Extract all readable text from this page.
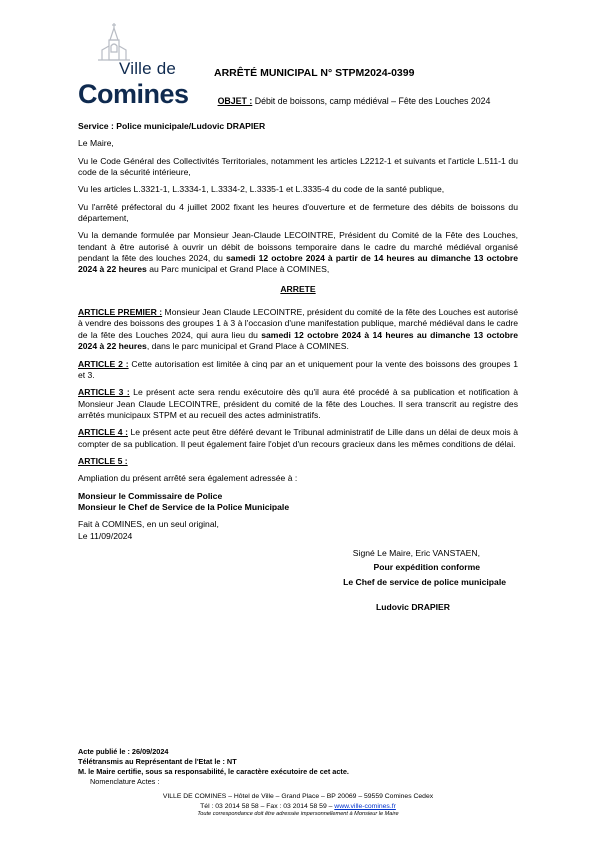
Ville de
Comines
ARRÊTÉ MUNICIPAL N° STPM2024-0399
OBJET : Débit de boissons, camp médiéval – Fête des Louches 2024

Service : Police municipale/Ludovic DRAPIER

Le Maire,

Vu le Code Général des Collectivités Territoriales, notamment les articles L2212-1 et suivants et l'article L.511-1 du code de la sécurité intérieure,

Vu les articles L.3321-1, L.3334-1, L.3334-2, L.3335-1 et L.3335-4 du code de la santé publique,

Vu l'arrêté préfectoral du 4 juillet 2002 fixant les heures d'ouverture et de fermeture des débits de boissons du département,

Vu la demande formulée par Monsieur Jean-Claude LECOINTRE, Président du Comité de la Fête des Louches, tendant à être autorisé à ouvrir un débit de boissons temporaire dans le cadre du marché médiéval organisé pendant la fête des louches 2024, du samedi 12 octobre 2024 à partir de 14 heures au dimanche 13 octobre 2024 à 22 heures au Parc municipal et Grand Place à COMINES,

ARRETE

ARTICLE PREMIER : Monsieur Jean Claude LECOINTRE, président du comité de la fête des Louches est autorisé à vendre des boissons des groupes 1 à 3 à l'occasion d'une manifestation publique, marché médiéval dans le cadre de la fête des Louches 2024, qui aura lieu du samedi 12 octobre 2024 à 14 heures au dimanche 13 octobre 2024 à 22 heures, dans le parc municipal et Grand Place à COMINES.

ARTICLE 2 : Cette autorisation est limitée à cinq par an et uniquement pour la vente des boissons des groupes 1 et 3.

ARTICLE 3 : Le présent acte sera rendu exécutoire dès qu'il aura été procédé à sa publication et notification à Monsieur Jean Claude LECOINTRE, président du comité de la fête des Louches. Il sera transcrit au registre des arrêtés municipaux STPM et au recueil des actes administratifs.

ARTICLE 4 : Le présent acte peut être déféré devant le Tribunal administratif de Lille dans un délai de deux mois à compter de sa publication. Il peut également faire l'objet d'un recours gracieux dans les mêmes conditions de délai.

ARTICLE 5 :

Ampliation du présent arrêté sera également adressée à :

Monsieur le Commissaire de Police

Monsieur le Chef de Service de la Police Municipale

Fait à COMINES, en un seul original,

Le 11/09/2024

Signé Le Maire, Eric VANSTAEN,
Pour expédition conforme
Le Chef de service de police municipale
Ludovic DRAPIER
Acte publié le : 26/09/2024
Télétransmis au Représentant de l'Etat le : NT
M. le Maire certifie, sous sa responsabilité, le caractère exécutoire de cet acte.
Nomenclature Actes :
VILLE DE COMINES – Hôtel de Ville – Grand Place – BP 20069 – 59559 Comines Cedex
Tél : 03 2014 58 58 – Fax : 03 2014 58 59 – www.ville-comines.fr
Toute correspondance doit être adressée impersonnellement à Monsieur le Maire
